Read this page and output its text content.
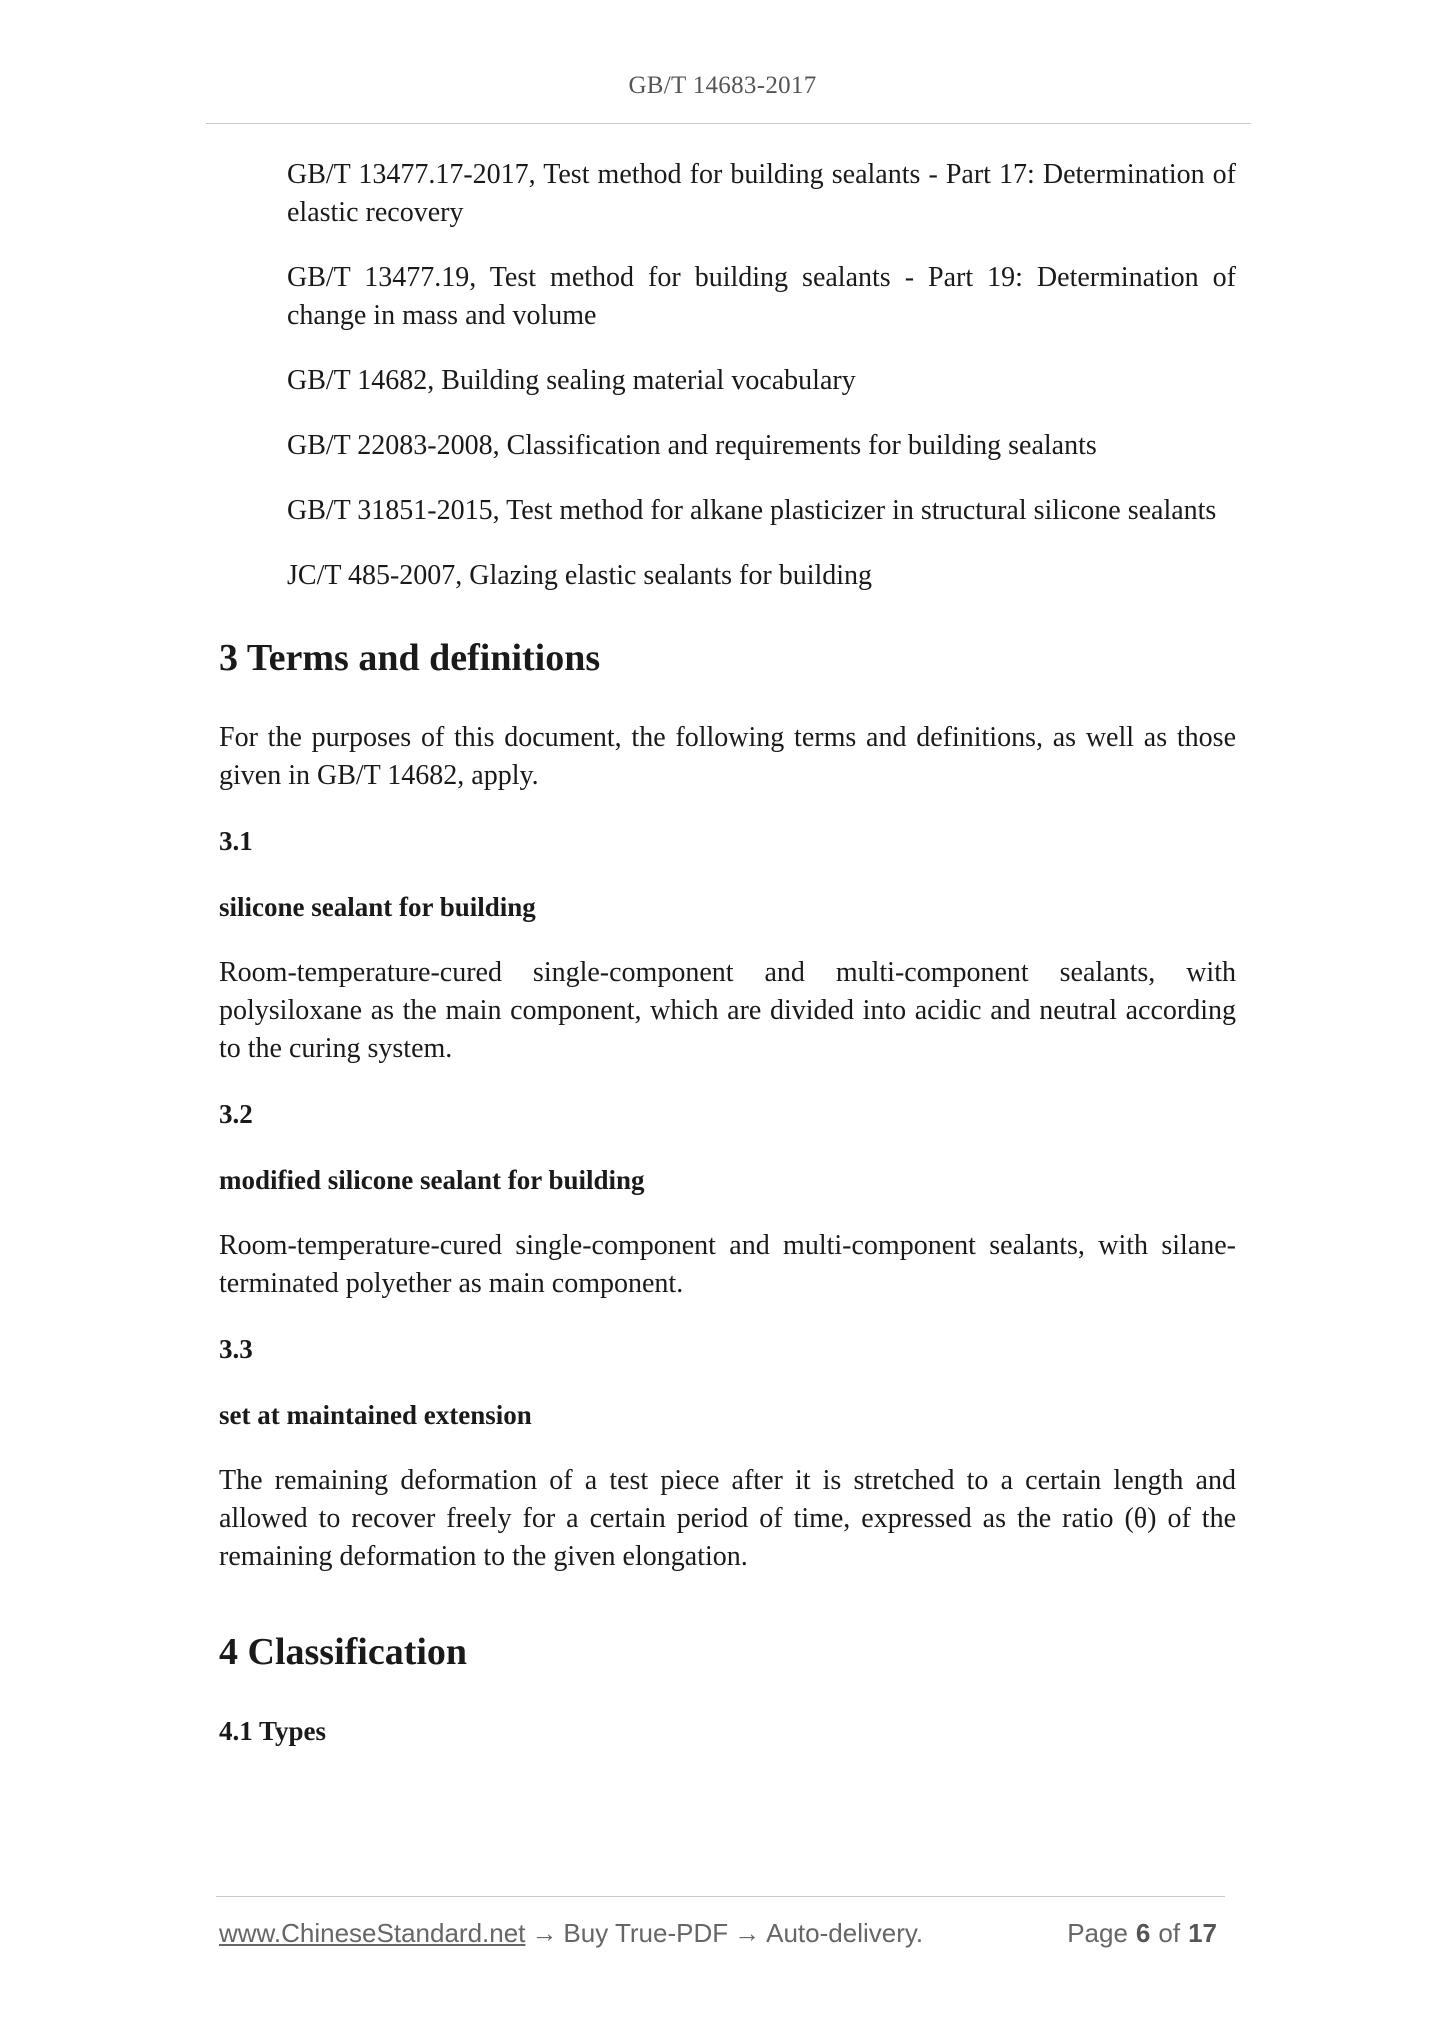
GB/T 14683-2017
GB/T 13477.17-2017, Test method for building sealants - Part 17: Determination of elastic recovery
GB/T 13477.19, Test method for building sealants - Part 19: Determination of change in mass and volume
GB/T 14682, Building sealing material vocabulary
GB/T 22083-2008, Classification and requirements for building sealants
GB/T 31851-2015, Test method for alkane plasticizer in structural silicone sealants
JC/T 485-2007, Glazing elastic sealants for building
3 Terms and definitions
For the purposes of this document, the following terms and definitions, as well as those given in GB/T 14682, apply.
3.1
silicone sealant for building
Room-temperature-cured single-component and multi-component sealants, with polysiloxane as the main component, which are divided into acidic and neutral according to the curing system.
3.2
modified silicone sealant for building
Room-temperature-cured single-component and multi-component sealants, with silane-terminated polyether as main component.
3.3
set at maintained extension
The remaining deformation of a test piece after it is stretched to a certain length and allowed to recover freely for a certain period of time, expressed as the ratio (θ) of the remaining deformation to the given elongation.
4 Classification
4.1 Types
www.ChineseStandard.net → Buy True-PDF → Auto-delivery.	Page 6 of 17
